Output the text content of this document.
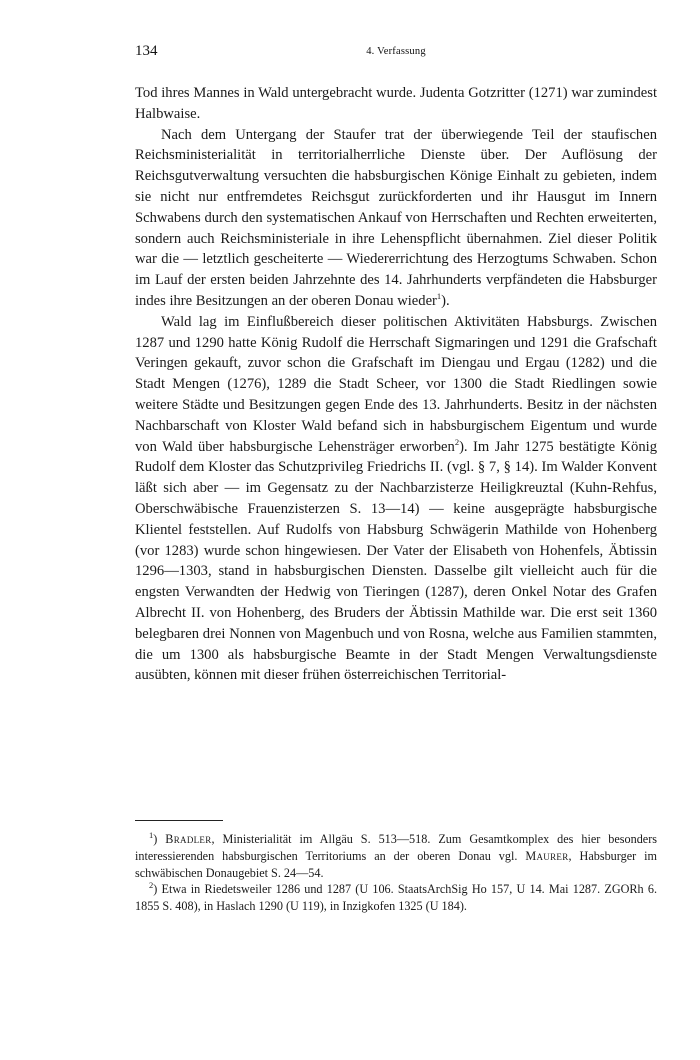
134	4. Verfassung

Tod ihres Mannes in Wald untergebracht wurde. Judenta Gotzritter (1271) war zumindest Halbwaise.

Nach dem Untergang der Staufer trat der überwiegende Teil der staufischen Reichsministerialität in territorialherrliche Dienste über. Der Auflösung der Reichsgutverwaltung versuchten die habsburgischen Könige Einhalt zu gebieten, indem sie nicht nur entfremdetes Reichsgut zurückforderten und ihr Hausgut im Innern Schwabens durch den systematischen Ankauf von Herrschaften und Rechten erweiterten, sondern auch Reichsministeriale in ihre Lehenspflicht übernahmen. Ziel dieser Politik war die — letztlich gescheiterte — Wiedererrichtung des Herzogtums Schwaben. Schon im Lauf der ersten beiden Jahrzehnte des 14. Jahrhunderts verpfändeten die Habsburger indes ihre Besitzungen an der oberen Donau wieder$^1$).

Wald lag im Einflußbereich dieser politischen Aktivitäten Habsburgs. Zwischen 1287 und 1290 hatte König Rudolf die Herrschaft Sigmaringen und 1291 die Grafschaft Veringen gekauft, zuvor schon die Grafschaft im Diengau und Ergau (1282) und die Stadt Mengen (1276), 1289 die Stadt Scheer, vor 1300 die Stadt Riedlingen sowie weitere Städte und Besitzungen gegen Ende des 13. Jahrhunderts. Besitz in der nächsten Nachbarschaft von Kloster Wald befand sich in habsburgischem Eigentum und wurde von Wald über habsburgische Lehensträger erworben$^2$). Im Jahr 1275 bestätigte König Rudolf dem Kloster das Schutzprivileg Friedrichs II. (vgl. § 7, § 14). Im Walder Konvent läßt sich aber — im Gegensatz zu der Nachbarzisterze Heiligkreuztal (Kuhn-Rehfus, Oberschwäbische Frauenzisterzen S. 13—14) — keine ausgeprägte habsburgische Klientel feststellen. Auf Rudolfs von Habsburg Schwägerin Mathilde von Hohenberg (vor 1283) wurde schon hingewiesen. Der Vater der Elisabeth von Hohenfels, Äbtissin 1296—1303, stand in habsburgischen Diensten. Dasselbe gilt vielleicht auch für die engsten Verwandten der Hedwig von Tieringen (1287), deren Onkel Notar des Grafen Albrecht II. von Hohenberg, des Bruders der Äbtissin Mathilde war. Die erst seit 1360 belegbaren drei Nonnen von Magenbuch und von Rosna, welche aus Familien stammten, die um 1300 als habsburgische Beamte in der Stadt Mengen Verwaltungsdienste ausübten, können mit dieser frühen österreichischen Territorial-

$^1$) Bradler, Ministerialität im Allgäu S. 513—518. Zum Gesamtkomplex des hier besonders interessierenden habsburgischen Territoriums an der oberen Donau vgl. Maurer, Habsburger im schwäbischen Donaugebiet S. 24—54.

$^2$) Etwa in Riedetsweiler 1286 und 1287 (U 106. StaatsArchSig Ho 157, U 14. Mai 1287. ZGORh 6. 1855 S. 408), in Haslach 1290 (U 119), in Inzigkofen 1325 (U 184).
